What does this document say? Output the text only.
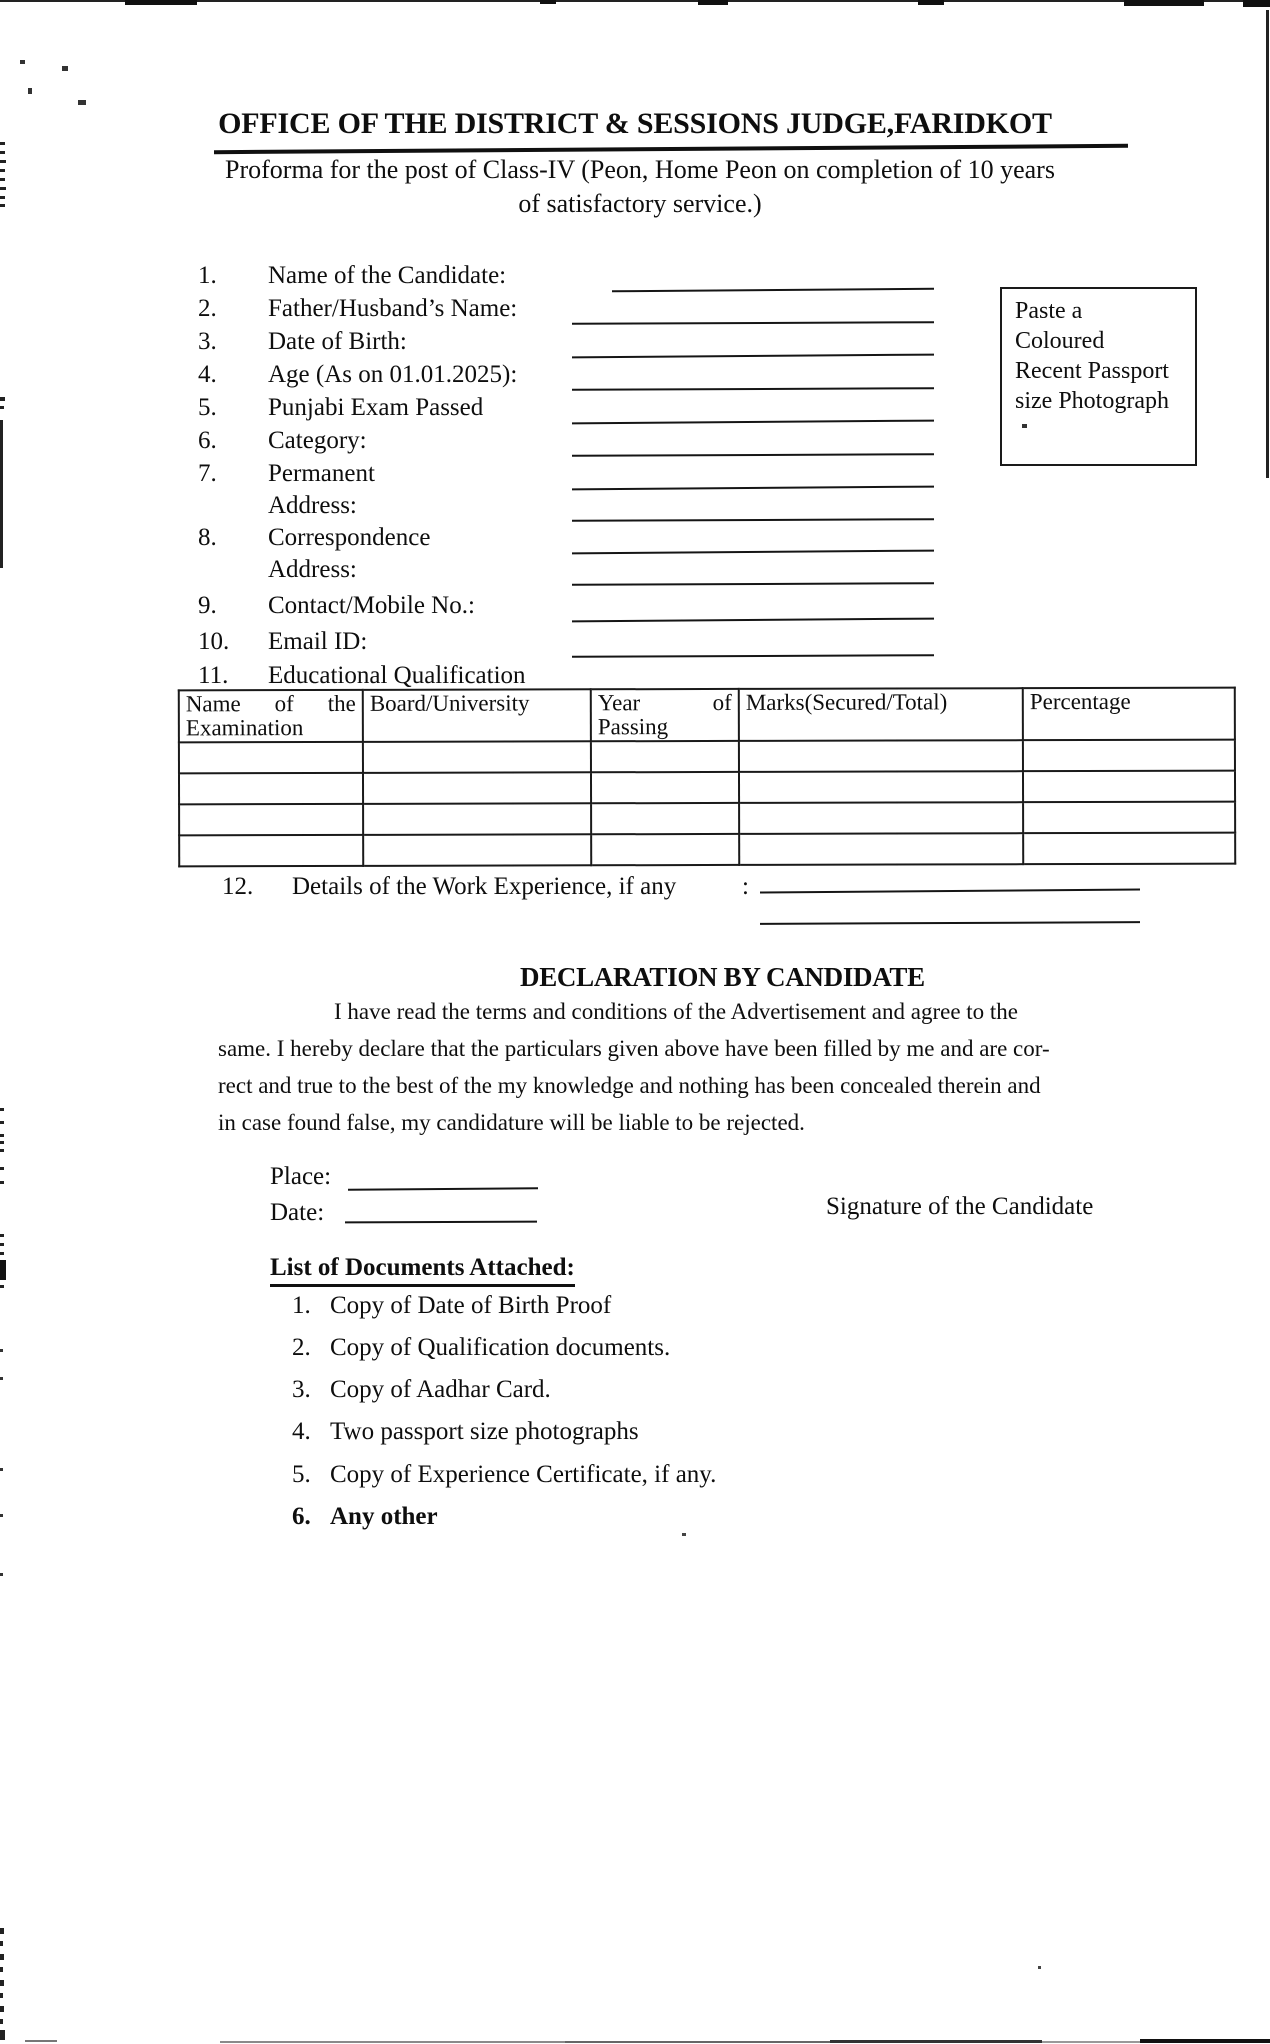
OFFICE OF THE DISTRICT & SESSIONS JUDGE,FARIDKOT
Proforma for the post of Class-IV (Peon, Home Peon on completion of 10 years
of satisfactory service.)
Paste a
Coloured
Recent Passport
size Photograph
1.	Name of the Candidate:
2.	Father/Husband’s Name:
3.	Date of Birth:
4.	Age (As on 01.01.2025):
5.	Punjabi Exam Passed
6.	Category:
7.	Permanent
Address:
8.	Correspondence
Address:
9.	Contact/Mobile No.:
10.	Email ID:
11.	Educational Qualification
Name of the Examination	Board/University	Year of Passing	Marks(Secured/Total)	Percentage

12.	Details of the Work Experience, if any	:
DECLARATION BY CANDIDATE
I have read the terms and conditions of the Advertisement and agree to the
same. I hereby declare that the particulars given above have been filled by me and are cor-
rect and true to the best of the my knowledge and nothing has been concealed therein and
in case found false, my candidature will be liable to be rejected.
Place:
Date:	Signature of the Candidate
List of Documents Attached:
1. Copy of Date of Birth Proof
2. Copy of Qualification documents.
3. Copy of Aadhar Card.
4. Two passport size photographs
5. Copy of Experience Certificate, if any.
6. Any other
